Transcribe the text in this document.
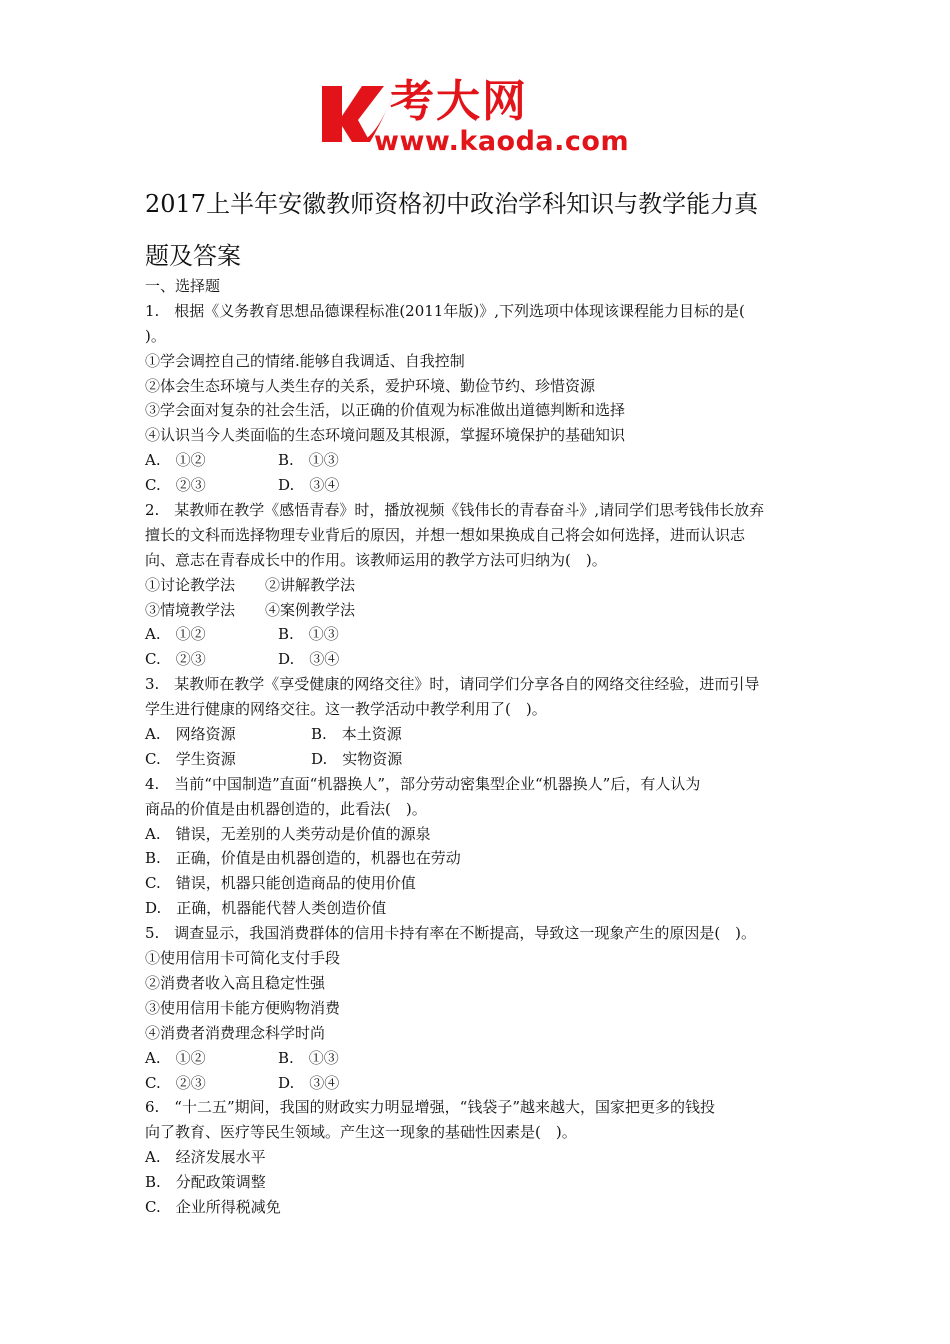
考大网
www.kaoda.com
2017上半年安徽教师资格初中政治学科知识与教学能力真
题及答案
一、选择题
1.　根据《义务教育思想品德课程标准(2011年版)》,下列选项中体现该课程能力目标的是(
)。
①学会调控自己的情绪.能够自我调适、自我控制
②体会生态环境与人类生存的关系，爱护环境、勤俭节约、珍惜资源
③学会面对复杂的社会生活，以正确的价值观为标准做出道德判断和选择
④认识当今人类面临的生态环境问题及其根源，掌握环境保护的基础知识
A.　①②	B.　①③
C.　②③	D.　③④
2.　某教师在教学《感悟青春》时，播放视频《钱伟长的青春奋斗》,请同学们思考钱伟长放弃
擅长的文科而选择物理专业背后的原因，并想一想如果换成自己将会如何选择，进而认识志
向、意志在青春成长中的作用。该教师运用的教学方法可归纳为(　)。
①讨论教学法　　②讲解教学法
③情境教学法　　④案例教学法
A.　①②	B.　①③
C.　②③	D.　③④
3.　某教师在教学《享受健康的网络交往》时，请同学们分享各自的网络交往经验，进而引导
学生进行健康的网络交往。这一教学活动中教学利用了(　)。
A.　网络资源	B.　本土资源
C.　学生资源	D.　实物资源
4.　当前“中国制造”直面“机器换人”，部分劳动密集型企业“机器换人”后，有人认为
商品的价值是由机器创造的，此看法(　)。
A.　错误，无差别的人类劳动是价值的源泉
B.　正确，价值是由机器创造的，机器也在劳动
C.　错误，机器只能创造商品的使用价值
D.　正确，机器能代替人类创造价值
5.　调查显示，我国消费群体的信用卡持有率在不断提高，导致这一现象产生的原因是(　)。
①使用信用卡可简化支付手段
②消费者收入高且稳定性强
③使用信用卡能方便购物消费
④消费者消费理念科学时尚
A.　①②	B.　①③
C.　②③	D.　③④
6.　“十二五”期间，我国的财政实力明显增强，“钱袋子”越来越大，国家把更多的钱投
向了教育、医疗等民生领域。产生这一现象的基础性因素是(　)。
A.　经济发展水平
B.　分配政策调整
C.　企业所得税减免
